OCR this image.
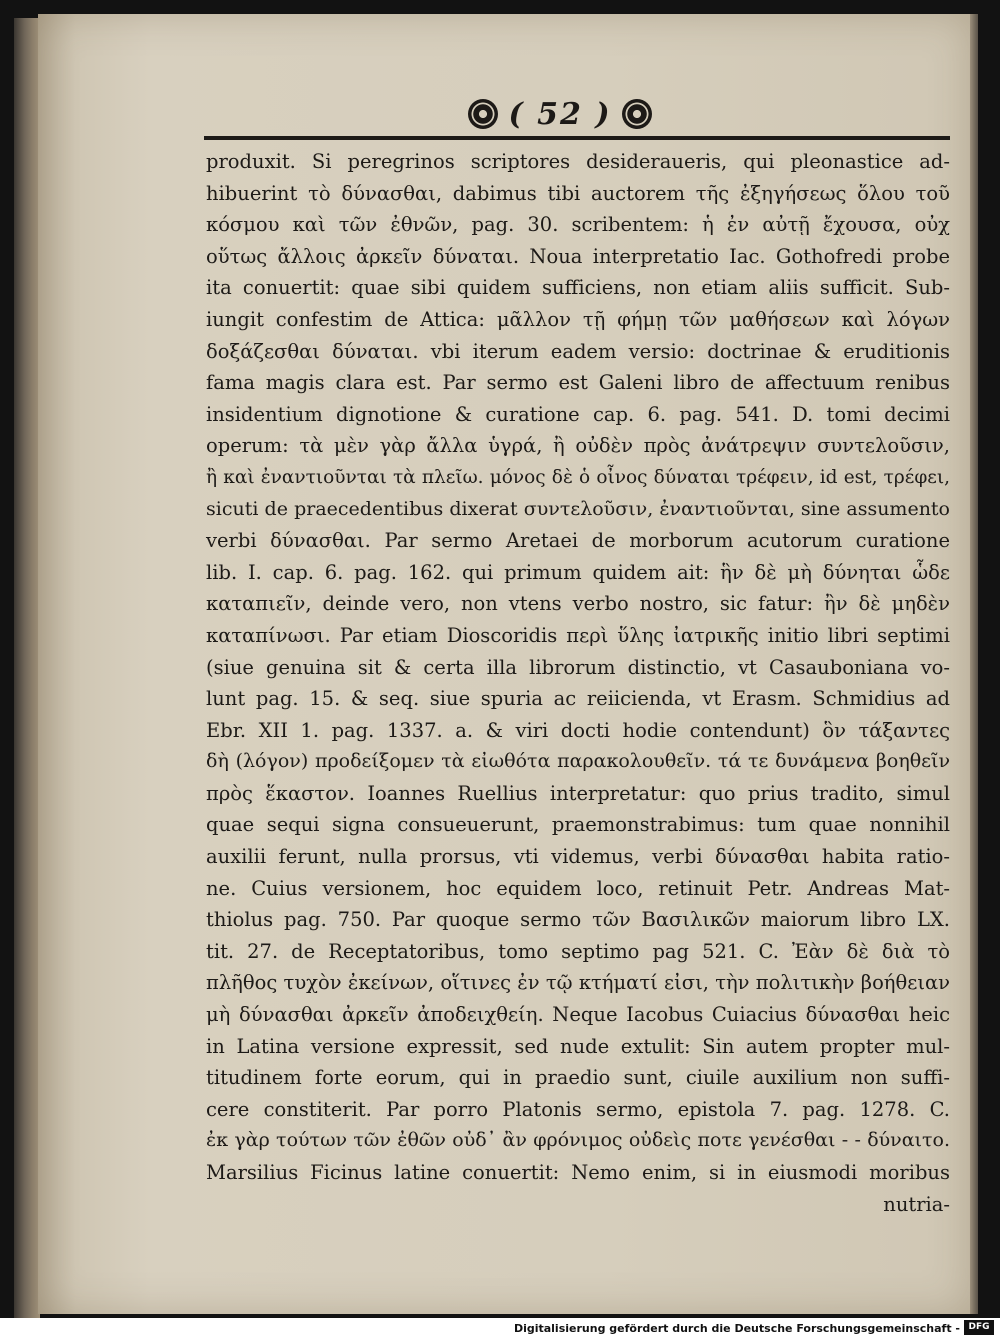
( 52 )
produxit. Si peregrinos scriptores desideraueris, qui pleonastice ad-
hibuerint τὸ δύνασθαι, dabimus tibi auctorem τῆς ἐξηγήσεως ὅλου τοῦ
κόσμου καὶ τῶν ἐθνῶν, pag. 30. scribentem: ἡ ἐν αὐτῇ ἔχουσα, οὐχ
οὕτως ἄλλοις ἀρκεῖν δύναται. Noua interpretatio Iac. Gothofredi probe
ita conuertit: quae sibi quidem sufficiens, non etiam aliis sufficit. Sub-
iungit confestim de Attica: μᾶλλον τῇ φήμῃ τῶν μαθήσεων καὶ λόγων
δοξάζεσθαι δύναται. vbi iterum eadem versio: doctrinae & eruditionis
fama magis clara est. Par sermo est Galeni libro de affectuum renibus
insidentium dignotione & curatione cap. 6. pag. 541. D. tomi decimi
operum: τὰ μὲν γὰρ ἄλλα ὑγρά, ἢ οὐδὲν πρὸς ἀνάτρεψιν συντελοῦσιν,
ἢ καὶ ἐναντιοῦνται τὰ πλεῖω. μόνος δὲ ὁ οἶνος δύναται τρέφειν, id est, τρέφει,
sicuti de praecedentibus dixerat συντελοῦσιν, ἐναντιοῦνται, sine assumento
verbi δύνασθαι. Par sermo Aretaei de morborum acutorum curatione
lib. I. cap. 6. pag. 162. qui primum quidem ait: ἣν δὲ μὴ δύνηται ὧδε
καταπιεῖν, deinde vero, non vtens verbo nostro, sic fatur: ἢν δὲ μηδὲν
καταπίνωσι. Par etiam Dioscoridis περὶ ὕλης ἰατρικῆς initio libri septimi
(siue genuina sit & certa illa librorum distinctio, vt Casauboniana vo-
lunt pag. 15. & seq. siue spuria ac reiicienda, vt Erasm. Schmidius ad
Ebr. XII 1. pag. 1337. a. & viri docti hodie contendunt) ὃν τάξαντες
δὴ (λόγον) προδείξομεν τὰ εἰωθότα παρακολουθεῖν. τά τε δυνάμενα βοηθεῖν
πρὸς ἕκαστον. Ioannes Ruellius interpretatur: quo prius tradito, simul
quae sequi signa consueuerunt, praemonstrabimus: tum quae nonnihil
auxilii ferunt, nulla prorsus, vti videmus, verbi δύνασθαι habita ratio-
ne. Cuius versionem, hoc equidem loco, retinuit Petr. Andreas Mat-
thiolus pag. 750. Par quoque sermo τῶν Βασιλικῶν maiorum libro LX.
tit. 27. de Receptatoribus, tomo septimo pag 521. C. Ἐὰν δὲ διὰ τὸ
πλῆθος τυχὸν ἐκείνων, οἵτινες ἐν τῷ κτήματί εἰσι, τὴν πολιτικὴν βοήθειαν
μὴ δύνασθαι ἀρκεῖν ἀποδειχθείη. Neque Iacobus Cuiacius δύνασθαι heic
in Latina versione expressit, sed nude extulit: Sin autem propter mul-
titudinem forte eorum, qui in praedio sunt, ciuile auxilium non suffi-
cere constiterit. Par porro Platonis sermo, epistola 7. pag. 1278. C.
ἐκ γὰρ τούτων τῶν ἐθῶν οὐδ᾽ ἂν φρόνιμος οὐδεὶς ποτε γενέσθαι - - δύναιτο.
Marsilius Ficinus latine conuertit: Nemo enim, si in eiusmodi moribus
nutria-
Digitalisierung gefördert durch die Deutsche Forschungsgemeinschaft - DFG
